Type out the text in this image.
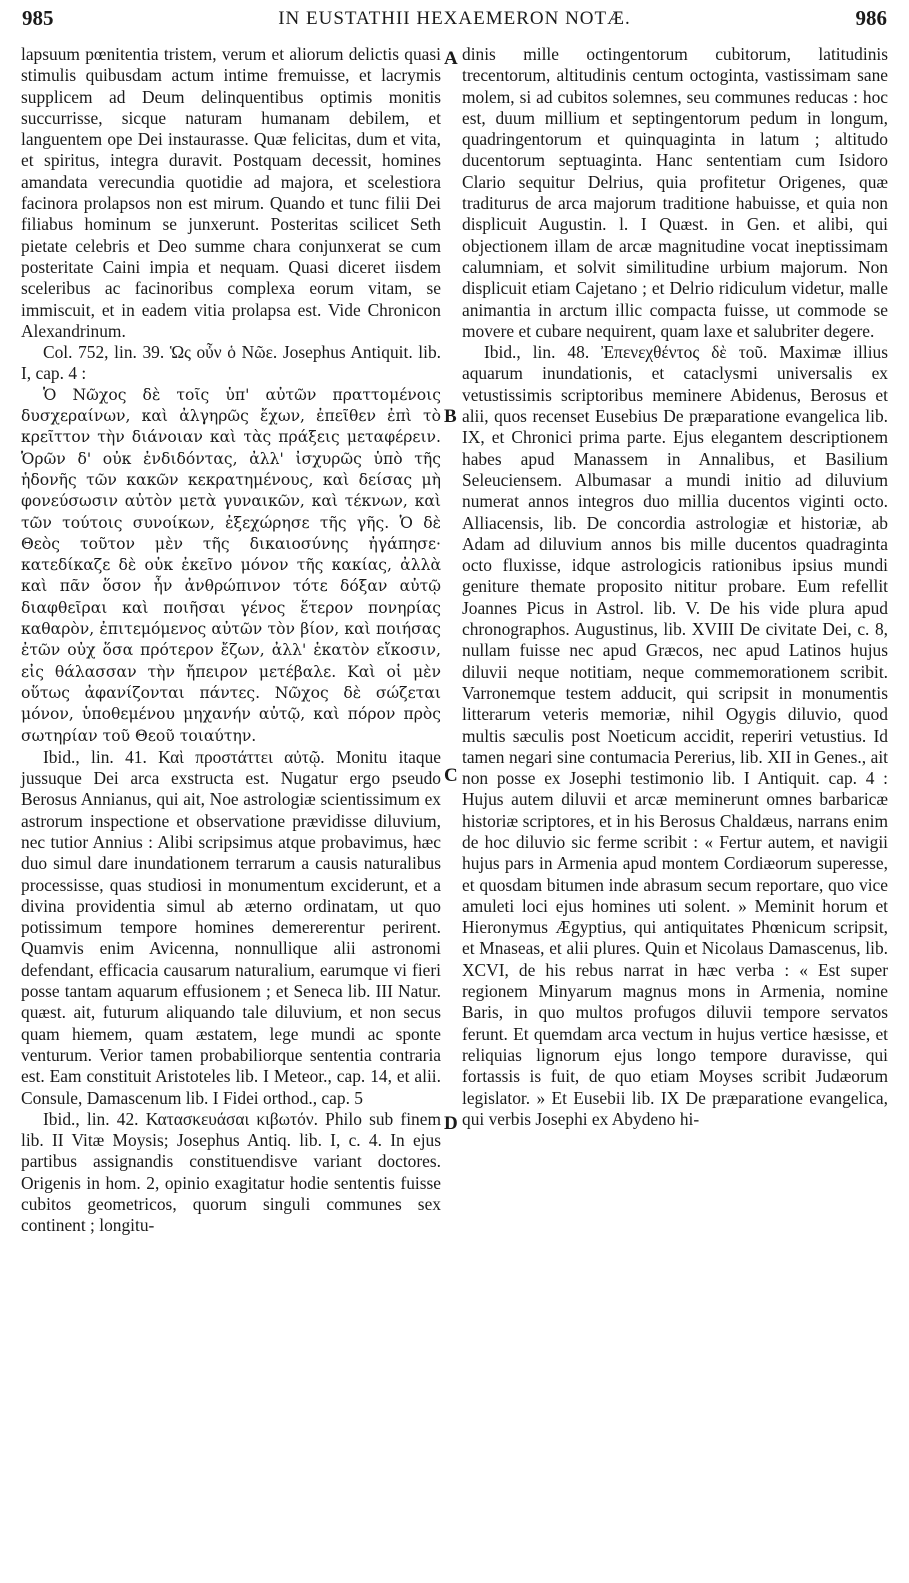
985	IN EUSTATHII HEXAEMERON NOTÆ.	986

lapsuum pœnitentia tristem, verum et aliorum delictis quasi stimulis quibusdam actum intime fremuisse, et lacrymis supplicem ad Deum delinquentibus optimis monitis succurrisse, sicque naturam humanam debilem, et languentem ope Dei instaurasse. Quæ felicitas, dum et vita, et spiritus, integra duravit. Postquam decessit, homines amandata verecundia quotidie ad majora, et scelestiora facinora prolapsos non est mirum. Quando et tunc filii Dei filiabus hominum se junxerunt. Posteritas scilicet Seth pietate celebris et Deo summe chara conjunxerat se cum posteritate Caini impia et nequam. Quasi diceret iisdem sceleribus ac facinoribus complexa eorum vitam, se immiscuit, et in eadem vitia prolapsa est. Vide Chronicon Alexandrinum.

Col. 752, lin. 39. Ὡς οὖν ὁ Νῶε. Josephus Antiquit. lib. I, cap. 4 :

Ὁ Νῶχος δὲ τοῖς ὑπ' αὐτῶν πραττομένοις δυσχεραίνων, καὶ ἀλγηρῶς ἔχων, ἐπεῖθεν ἐπὶ τὸ κρεῖττον τὴν διάνοιαν καὶ τὰς πράξεις μεταφέρειν. Ὁρῶν δ' οὐκ ἐνδιδόντας, ἀλλ' ἰσχυρῶς ὑπὸ τῆς ἡδονῆς τῶν κακῶν κεκρατημένους, καὶ δείσας μὴ φονεύσωσιν αὐτὸν μετὰ γυναικῶν, καὶ τέκνων, καὶ τῶν τούτοις συνοίκων, ἐξεχώρησε τῆς γῆς. Ὁ δὲ Θεὸς τοῦτον μὲν τῆς δικαιοσύνης ἠγάπησε· κατεδίκαζε δὲ οὐκ ἐκεῖνο μόνον τῆς κακίας, ἀλλὰ καὶ πᾶν ὅσον ἦν ἀνθρώπινον τότε δόξαν αὐτῷ διαφθεῖραι καὶ ποιῆσαι γένος ἕτερον πονηρίας καθαρὸν, ἐπιτεμόμενος αὐτῶν τὸν βίον, καὶ ποιήσας ἐτῶν οὐχ ὅσα πρότερον ἔζων, ἀλλ' ἑκατὸν εἴκοσιν, εἰς θάλασσαν τὴν ἤπειρον μετέβαλε. Καὶ οἱ μὲν οὕτως ἀφανίζονται πάντες. Νῶχος δὲ σώζεται μόνον, ὑποθεμένου μηχανήν αὐτῷ, καὶ πόρον πρὸς σωτηρίαν τοῦ Θεοῦ τοιαύτην.

Ibid., lin. 41. Καὶ προστάττει αὐτῷ. Monitu itaque jussuque Dei arca exstructa est. Nugatur ergo pseudo Berosus Annianus, qui ait, Noe astrologiæ scientissimum ex astrorum inspectione et observatione prævidisse diluvium, nec tutior Annius : Alibi scripsimus atque probavimus, hæc duo simul dare inundationem terrarum a causis naturalibus processisse, quas studiosi in monumentum exciderunt, et a divina providentia simul ab æterno ordinatam, ut quo potissimum tempore homines demererentur perirent. Quamvis enim Avicenna, nonnullique alii astronomi defendant, efficacia causarum naturalium, earumque vi fieri posse tantam aquarum effusionem ; et Seneca lib. III Natur. quæst. ait, futurum aliquando tale diluvium, et non secus quam hiemem, quam æstatem, lege mundi ac sponte venturum. Verior tamen probabiliorque sententia contraria est. Eam constituit Aristoteles lib. I Meteor., cap. 14, et alii. Consule, Damascenum lib. I Fidei orthod., cap. 5

Ibid., lin. 42. Κατασκευάσαι κιβωτόν. Philo sub finem lib. II Vitæ Moysis; Josephus Antiq. lib. I, c. 4. In ejus partibus assignandis constituendisve variant doctores. Origenis in hom. 2, opinio exagitatur hodie sententis fuisse cubitos geometricos, quorum singuli communes sex continent ; longitu-

A
B
C
D

dinis mille octingentorum cubitorum, latitudinis trecentorum, altitudinis centum octoginta, vastissimam sane molem, si ad cubitos solemnes, seu communes reducas : hoc est, duum millium et septingentorum pedum in longum, quadringentorum et quinquaginta in latum ; altitudo ducentorum septuaginta. Hanc sententiam cum Isidoro Clario sequitur Delrius, quia profitetur Origenes, quæ traditurus de arca majorum traditione habuisse, et quia non displicuit Augustin. l. I Quæst. in Gen. et alibi, qui objectionem illam de arcæ magnitudine vocat ineptissimam calumniam, et solvit similitudine urbium majorum. Non displicuit etiam Cajetano ; et Delrio ridiculum videtur, malle animantia in arctum illic compacta fuisse, ut commode se movere et cubare nequirent, quam laxe et salubriter degere.

Ibid., lin. 48. Ἐπενεχθέντος δὲ τοῦ. Maximæ illius aquarum inundationis, et cataclysmi universalis ex vetustissimis scriptoribus meminere Abidenus, Berosus et alii, quos recenset Eusebius De præparatione evangelica lib. IX, et Chronici prima parte. Ejus elegantem descriptionem habes apud Manassem in Annalibus, et Basilium Seleuciensem. Albumasar a mundi initio ad diluvium numerat annos integros duo millia ducentos viginti octo. Alliacensis, lib. De concordia astrologiæ et historiæ, ab Adam ad diluvium annos bis mille ducentos quadraginta octo fluxisse, idque astrologicis rationibus ipsius mundi geniture themate proposito nititur probare. Eum refellit Joannes Picus in Astrol. lib. V. De his vide plura apud chronographos. Augustinus, lib. XVIII De civitate Dei, c. 8, nullam fuisse nec apud Græcos, nec apud Latinos hujus diluvii neque notitiam, neque commemorationem scribit. Varronemque testem adducit, qui scripsit in monumentis litterarum veteris memoriæ, nihil Ogygis diluvio, quod multis sæculis post Noeticum accidit, reperiri vetustius. Id tamen negari sine contumacia Pererius, lib. XII in Genes., ait non posse ex Josephi testimonio lib. I Antiquit. cap. 4 : Hujus autem diluvii et arcæ meminerunt omnes barbaricæ historiæ scriptores, et in his Berosus Chaldæus, narrans enim de hoc diluvio sic ferme scribit : « Fertur autem, et navigii hujus pars in Armenia apud montem Cordiæorum superesse, et quosdam bitumen inde abrasum secum reportare, quo vice amuleti loci ejus homines uti solent. » Meminit horum et Hieronymus Ægyptius, qui antiquitates Phœnicum scripsit, et Mnaseas, et alii plures. Quin et Nicolaus Damascenus, lib. XCVI, de his rebus narrat in hæc verba : « Est super regionem Minyarum magnus mons in Armenia, nomine Baris, in quo multos profugos diluvii tempore servatos ferunt. Et quemdam arca vectum in hujus vertice hæsisse, et reliquias lignorum ejus longo tempore duravisse, qui fortassis is fuit, de quo etiam Moyses scribit Judæorum legislator. » Et Eusebii lib. IX De præparatione evangelica, qui verbis Josephi ex Abydeno hi-
